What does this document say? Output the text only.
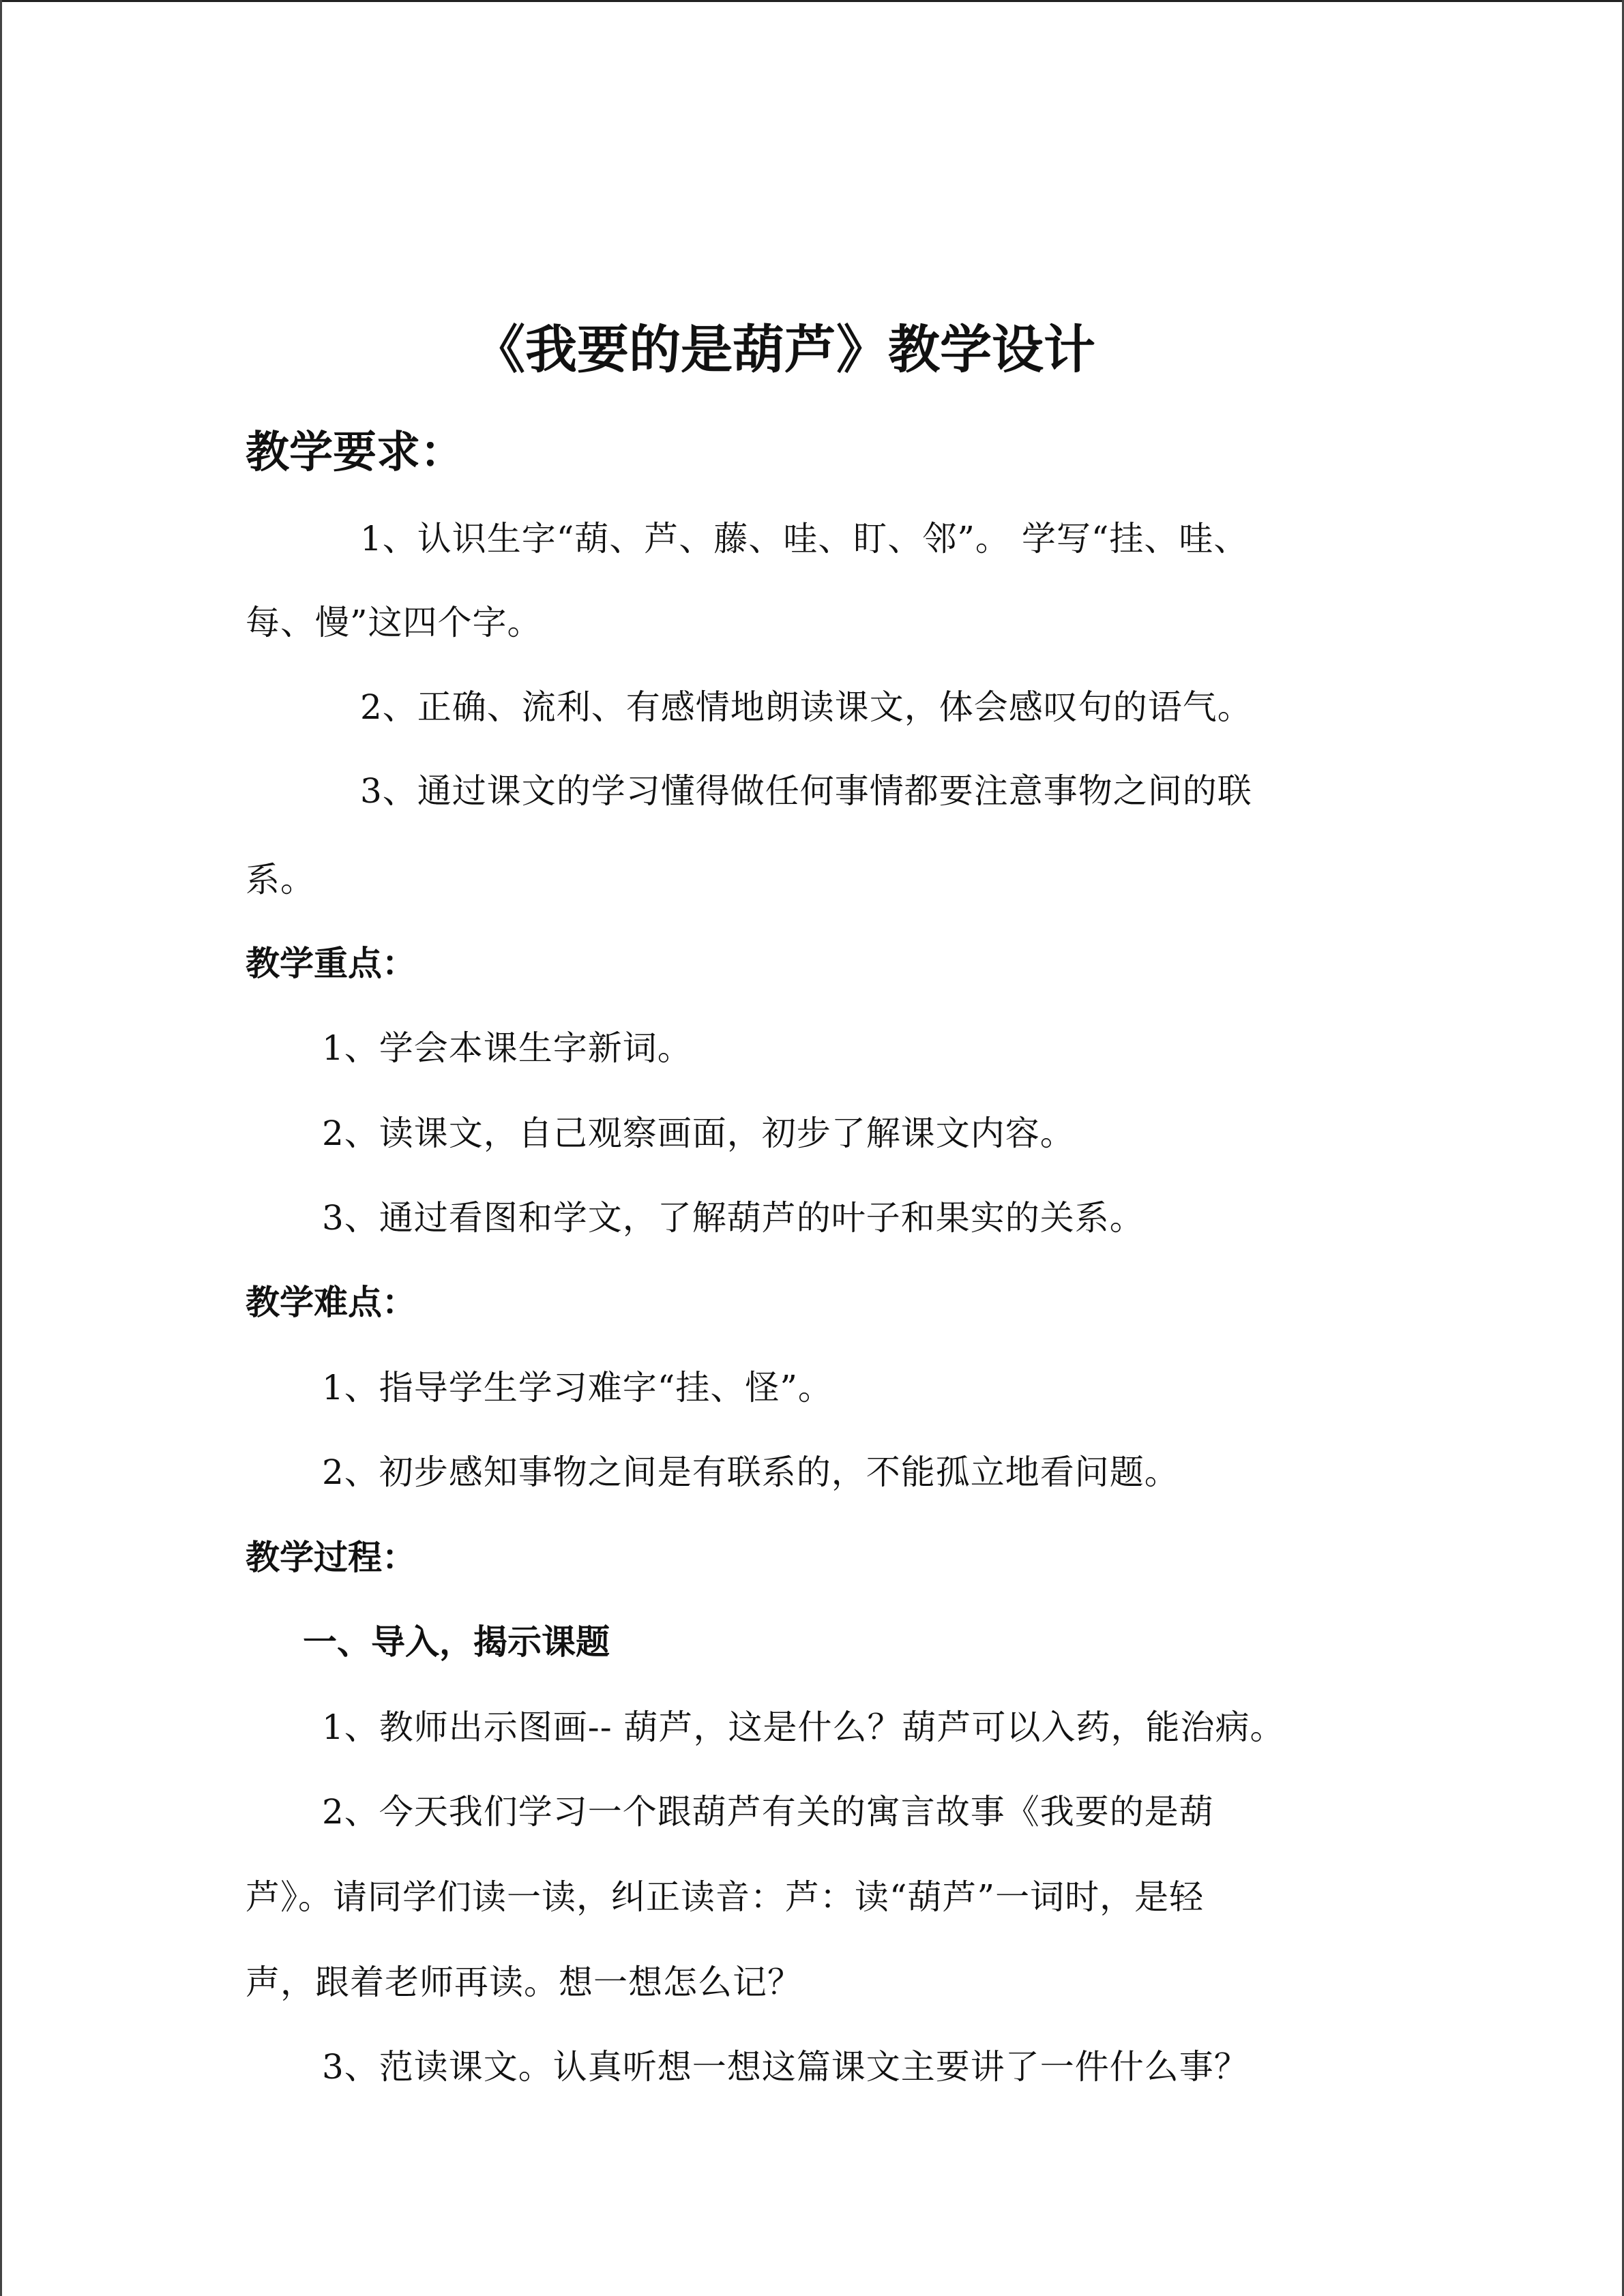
《我要的是葫芦》教学设计
教学要求：
1、认识生字“葫、芦、藤、哇、盯、邻”。 学写“挂、哇、
每、慢”这四个字。
2、正确、流利、有感情地朗读课文，体会感叹句的语气。
3、通过课文的学习懂得做任何事情都要注意事物之间的联
系。
教学重点：
1、学会本课生字新词。
2、读课文，自己观察画面，初步了解课文内容。
3、通过看图和学文，了解葫芦的叶子和果实的关系。
教学难点：
1、指导学生学习难字“挂、怪”。
2、初步感知事物之间是有联系的，不能孤立地看问题。
教学过程：
一、导入，揭示课题
1、教师出示图画-- 葫芦，这是什么？葫芦可以入药，能治病。
2、今天我们学习一个跟葫芦有关的寓言故事《我要的是葫
芦》。请同学们读一读，纠正读音：芦：读“葫芦”一词时，是轻
声，跟着老师再读。想一想怎么记？
3、范读课文。认真听想一想这篇课文主要讲了一件什么事？
